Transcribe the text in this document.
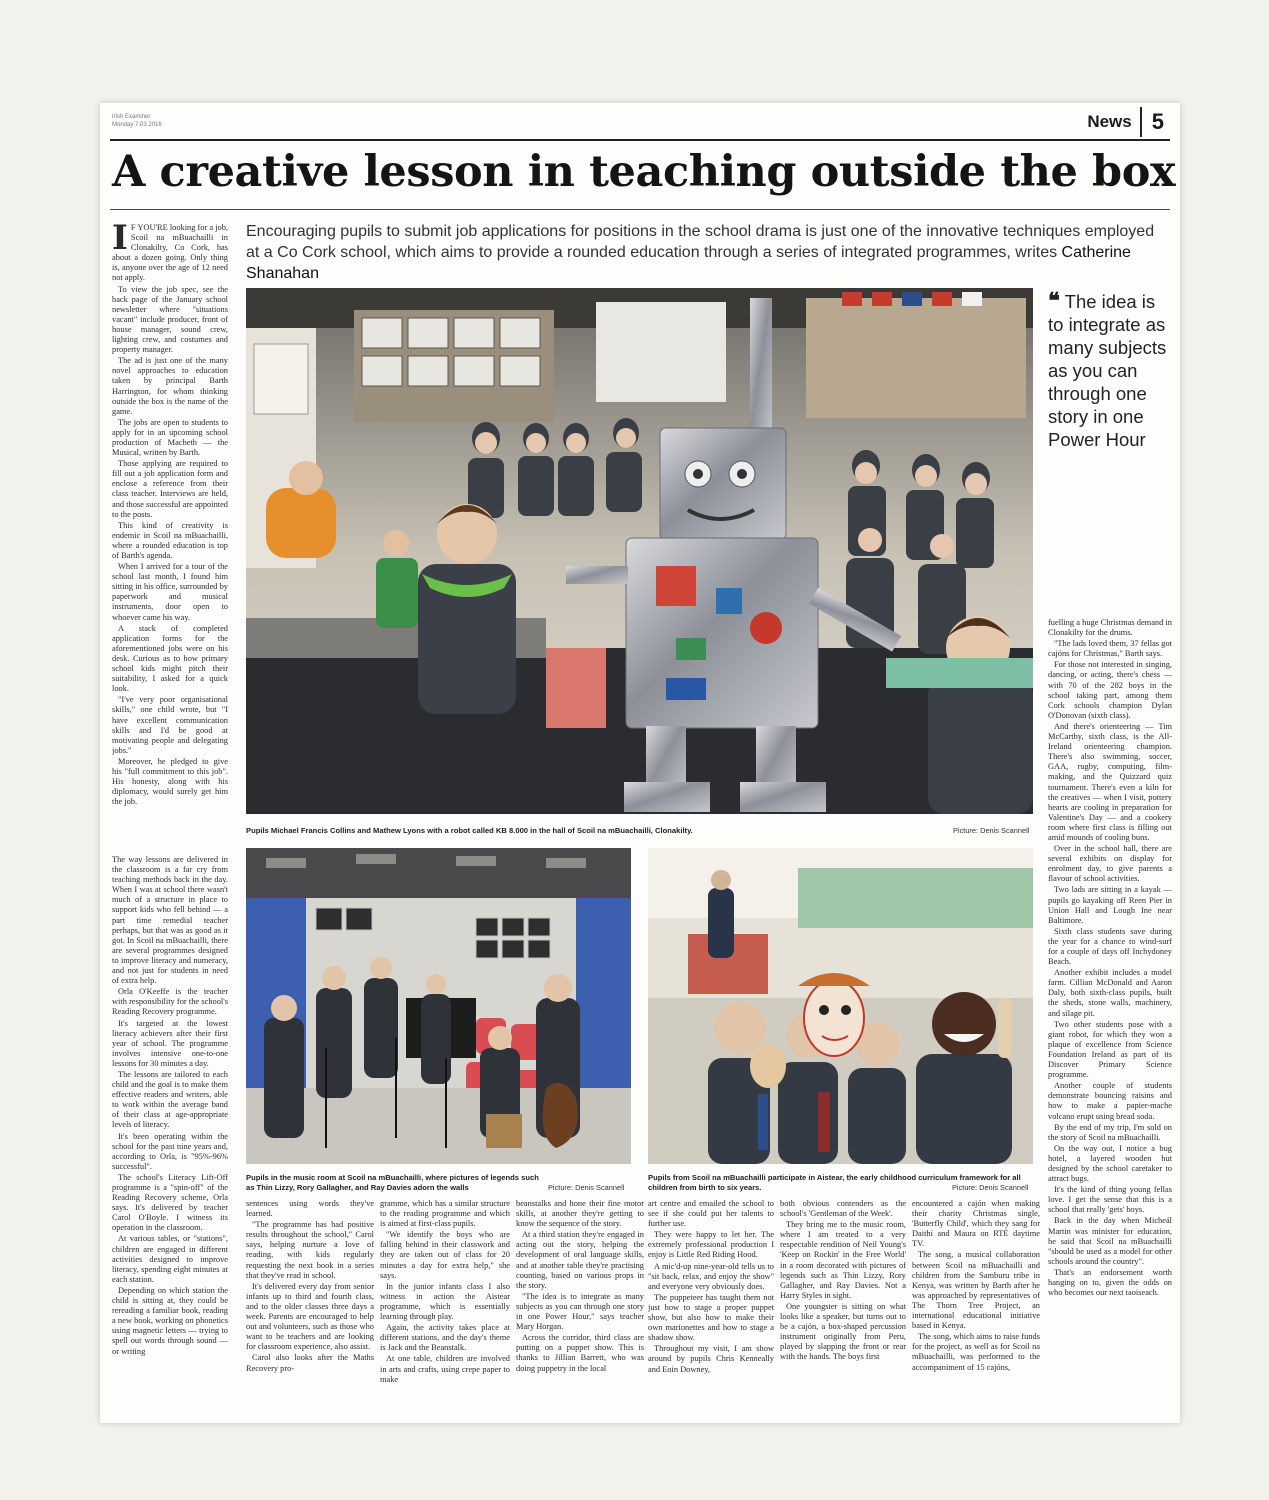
Irish Examiner
Monday 7.03.2016	News 5
A creative lesson in teaching outside the box
Encouraging pupils to submit job applications for positions in the school drama is just one of the innovative techniques employed at a Co Cork school, which aims to provide a rounded education through a series of integrated programmes, writes Catherine Shanahan
I F YOU'RE looking for a job, Scoil na mBuachailli in Clonakilty, Co Cork, has about a dozen going. Only thing is, anyone over the age of 12 need not apply.

To view the job spec, see the back page of the January school newsletter where "situations vacant" include producer, front of house manager, sound crew, lighting crew, and costumes and property manager.

The ad is just one of the many novel approaches to education taken by principal Barth Harrington, for whom thinking outside the box is the name of the game.

The jobs are open to students to apply for in an upcoming school production of Macbeth — the Musical, written by Barth.

Those applying are required to fill out a job application form and enclose a reference from their class teacher. Interviews are held, and those successful are appointed to the posts.

This kind of creativity is endemic in Scoil na mBuachailli, where a rounded education is top of Barth's agenda.

When I arrived for a tour of the school last month, I found him sitting in his office, surrounded by paperwork and musical instruments, door open to whoever came his way.

A stack of completed application forms for the aforementioned jobs were on his desk. Curious as to how primary school kids might pitch their suitability, I asked for a quick look.

"I've very poor organisational skills," one child wrote, but "I have excellent communication skills and I'd be good at motivating people and delegating jobs."

Moreover, he pledged to give his "full commitment to this job". His honesty, along with his diplomacy, would surely get him the job.

The way lessons are delivered in the classroom is a far cry from teaching methods back in the day. When I was at school there wasn't much of a structure in place to support kids who fell behind — a part time remedial teacher perhaps, but that was as good as it got. In Scoil na mBuachailli, there are several programmes designed to improve literacy and numeracy, and not just for students in need of extra help.

Orla O'Keeffe is the teacher with responsibility for the school's Reading Recovery programme.

It's targeted at the lowest literacy achievers after their first year of school. The programme involves intensive one-to-one lessons for 30 minutes a day.

The lessons are tailored to each child and the goal is to make them effective readers and writers, able to work within the average band of their class at age-appropriate levels of literacy.

It's been operating within the school for the past nine years and, according to Orla, is "95%-96% successful".

The school's Literacy Lift-Off programme is a "spin-off" of the Reading Recovery scheme, Orla says. It's delivered by teacher Carol O'Boyle. I witness its operation in the classroom.

At various tables, or "stations", children are engaged in different activities designed to improve literacy, spending eight minutes at each station.

Depending on which station the child is sitting at, they could be rereading a familiar book, reading a new book, working on phonetics using magnetic letters — trying to spell out words through sound — or writing

Pupils Michael Francis Collins and Mathew Lyons with a robot called KB 8.000 in the hall of Scoil na mBuachailli, Clonakilty.	Picture: Denis Scannell
❝ The idea is to integrate as many subjects as you can through one story in one Power Hour

fuelling a huge Christmas demand in Clonakilty for the drums.

"The lads loved them, 37 fellas got cajóns for Christmas," Barth says.

For those not interested in singing, dancing, or acting, there's chess — with 70 of the 282 boys in the school taking part, among them Cork schools champion Dylan O'Donovan (sixth class).

And there's orienteering — Tim McCarthy, sixth class, is the All-Ireland orienteering champion. There's also swimming, soccer, GAA, rugby, computing, film-making, and the Quizzard quiz tournament. There's even a kiln for the creatives — when I visit, pottery hearts are cooling in preparation for Valentine's Day — and a cookery room where first class is filling out amid mounds of cooling buns.

Over in the school hall, there are several exhibits on display for enrolment day, to give parents a flavour of school activities.

Two lads are sitting in a kayak — pupils go kayaking off Reen Pier in Union Hall and Lough Ine near Baltimore.

Sixth class students save during the year for a chance to wind-surf for a couple of days off Inchydoney Beach.

Another exhibit includes a model farm. Cillian McDonald and Aaron Daly, both sixth-class pupils, built the sheds, stone walls, machinery, and silage pit.

Two other students pose with a giant robot, for which they won a plaque of excellence from Science Foundation Ireland as part of its Discover Primary Science programme.

Another couple of students demonstrate bouncing raisins and how to make a papier-mache volcano erupt using bread soda.

By the end of my trip, I'm sold on the story of Scoil na mBuachailli.

On the way out, I notice a bug hotel, a layered wooden hut designed by the school caretaker to attract bugs.

It's the kind of thing young fellas love. I get the sense that this is a school that really 'gets' boys.

Back in the day when Micheál Martin was minister for education, he said that Scoil na mBuachailli "should be used as a model for other schools around the country".

That's an endorsement worth hanging on to, given the odds on who becomes our next taoiseach.

Pupils in the music room at Scoil na mBuachailli, where pictures of legends such as Thin Lizzy, Rory Gallagher, and Ray Davies adorn the walls	Picture: Denis Scannell
Pupils from Scoil na mBuachailli participate in Aistear, the early childhood curriculum framework for all children from birth to six years.	Picture: Denis Scannell

sentences using words they've learned.

"The programme has had positive results throughout the school," Carol says, helping nurture a love of reading, with kids regularly requesting the next book in a series that they've read in school.

It's delivered every day from senior infants up to third and fourth class, and to the older classes three days a week. Parents are encouraged to help out and volunteers, such as those who want to be teachers and are looking for classroom experience, also assist.

Carol also looks after the Maths Recovery pro-

gramme, which has a similar structure to the reading programme and which is aimed at first-class pupils.

"We identify the boys who are falling behind in their classwork and they are taken out of class for 20 minutes a day for extra help," she says.

In the junior infants class I also witness in action the Aistear programme, which is essentially learning through play.

Again, the activity takes place at different stations, and the day's theme is Jack and the Beanstalk.

At one table, children are involved in arts and crafts, using crepe paper to make

beanstalks and hone their fine motor skills, at another they're getting to know the sequence of the story.

At a third station they're engaged in acting out the story, helping the development of oral language skills, and at another table they're practising counting, based on various props in the story.

"The idea is to integrate as many subjects as you can through one story in one Power Hour," says teacher Mary Horgan.

Across the corridor, third class are putting on a puppet show. This is thanks to Jillian Barrett, who was doing puppetry in the local

art centre and emailed the school to see if she could put her talents to further use.

They were happy to let her. The extremely professional production I enjoy is Little Red Riding Hood.

A mic'd-up nine-year-old tells us to "sit back, relax, and enjoy the show" and everyone very obviously does.

The puppeteer has taught them not just how to stage a proper puppet show, but also how to make their own marionettes and how to stage a shadow show.

Throughout my visit, I am show around by pupils Chris Kenneally and Eoin Downey,

both obvious contenders as the school's 'Gentleman of the Week'.

They bring me to the music room, where I am treated to a very respectable rendition of Neil Young's 'Keep on Rockin' in the Free World' in a room decorated with pictures of legends such as Thin Lizzy, Rory Gallagher, and Ray Davies. Not a Harry Styles in sight.

One youngster is sitting on what looks like a speaker, but turns out to be a cajón, a box-shaped percussion instrument originally from Peru, played by slapping the front or rear with the hands. The boys first

encountered a cajón when making their charity Christmas single, 'Butterfly Child', which they sang for Daithí and Maura on RTÉ daytime TV.

The song, a musical collaboration between Scoil na mBuachailli and children from the Samburu tribe in Kenya, was written by Barth after he was approached by representatives of The Thorn Tree Project, an international educational initiative based in Kenya.

The song, which aims to raise funds for the project, as well as for Scoil na mBuachailli, was performed to the accompaniment of 15 cajóns,
